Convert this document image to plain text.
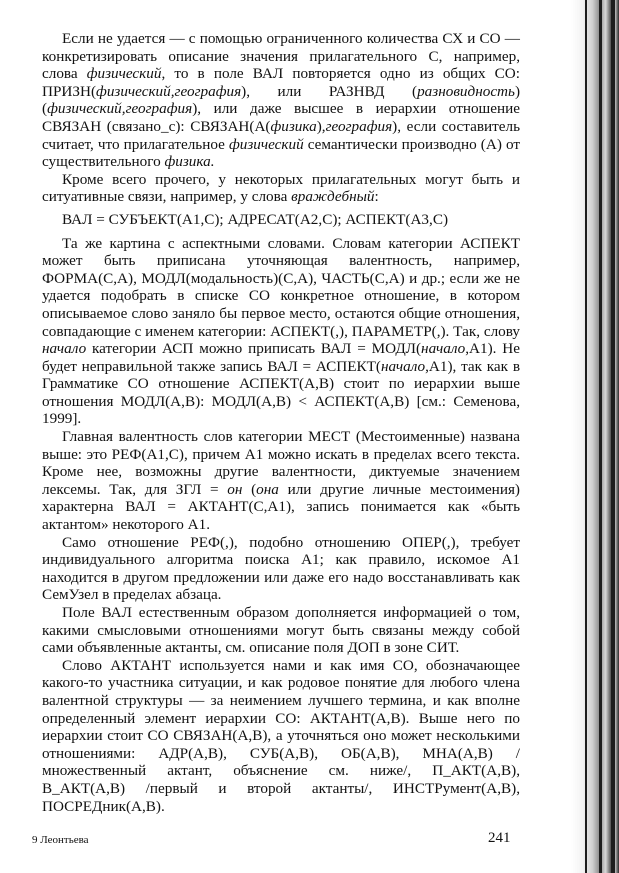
Если не удается — с помощью ограниченного количества СХ и СО — конкретизировать описание значения прилагательного С, например, слова физический, то в поле ВАЛ повторяется одно из общих СО: ПРИЗН(физический,география), или РАЗНВД (разновидность)(физический,география), или даже высшее в иерархии отношение СВЯЗАН (связано_с): СВЯЗАН(А(физика),география), если составитель считает, что прилагательное физический семантически производно (А) от существительного физика.

Кроме всего прочего, у некоторых прилагательных могут быть и ситуативные связи, например, у слова враждебный:

ВАЛ = СУБЪЕКТ(А1,С); АДРЕСАТ(А2,С); АСПЕКТ(А3,С)

Та же картина с аспектными словами. Словам категории АСПЕКТ может быть приписана уточняющая валентность, например, ФОРМА(С,А), МОДЛ(модальность)(С,А), ЧАСТЬ(С,А) и др.; если же не удается подобрать в списке СО конкретное отношение, в котором описываемое слово заняло бы первое место, остаются общие отношения, совпадающие с именем категории: АСПЕКТ(,), ПАРАМЕТР(,). Так, слову начало категории АСП можно приписать ВАЛ = МОДЛ(начало,А1). Не будет неправильной также запись ВАЛ = АСПЕКТ(начало,А1), так как в Грамматике СО отношение АСПЕКТ(А,В) стоит по иерархии выше отношения МОДЛ(А,В): МОДЛ(А,В) < АСПЕКТ(А,В) [см.: Семенова, 1999].

Главная валентность слов категории МЕСТ (Местоименные) названа выше: это РЕФ(А1,С), причем А1 можно искать в пределах всего текста. Кроме нее, возможны другие валентности, диктуемые значением лексемы. Так, для ЗГЛ = он (она или другие личные местоимения) характерна ВАЛ = АКТАНТ(С,А1), запись понимается как «быть актантом» некоторого А1.

Само отношение РЕФ(,), подобно отношению ОПЕР(,), требует индивидуального алгоритма поиска А1; как правило, искомое А1 находится в другом предложении или даже его надо восстанавливать как СемУзел в пределах абзаца.

Поле ВАЛ естественным образом дополняется информацией о том, какими смысловыми отношениями могут быть связаны между собой сами объявленные актанты, см. описание поля ДОП в зоне СИТ.

Слово АКТАНТ используется нами и как имя СО, обозначающее какого-то участника ситуации, и как родовое понятие для любого члена валентной структуры — за неимением лучшего термина, и как вполне определенный элемент иерархии СО: АКТАНТ(А,В). Выше него по иерархии стоит СО СВЯЗАН(А,В), а уточняться оно может несколькими отношениями: АДР(А,В), СУБ(А,В), ОБ(А,В), МНА(А,В) /множественный актант, объяснение см. ниже/, П_АКТ(А,В), В_АКТ(А,В) /первый и второй актанты/, ИНСТРумент(А,В), ПОСРЕДник(А,В).

9 Леонтьева	241
